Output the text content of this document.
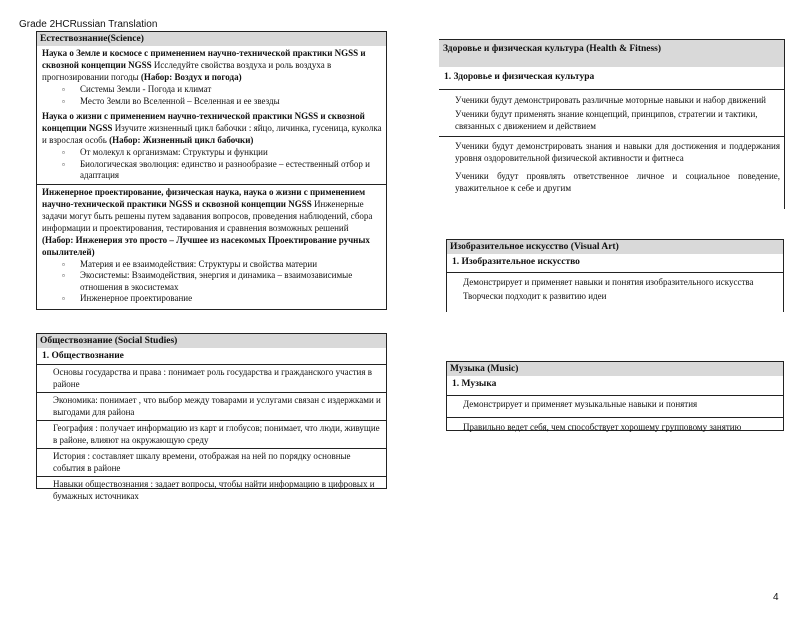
Grade 2HCRussian Translation
Естествознание(Science)
Наука о Земле и космосе с применением научно-технической практики NGSS и сквозной концепции NGSS Исследуйте свойства воздуха и роль воздуха в прогнозировании погоды (Набор: Воздух и погода)
▫ Системы Земли - Погода и климат
▫ Место Земли во Вселенной – Вселенная и ее звезды
Наука о жизни с применением научно-технической практики NGSS и сквозной концепции NGSS Изучите жизненный цикл бабочки : яйцо, личинка, гусеница, куколка и взрослая особь (Набор: Жизненный цикл бабочки)
▫ От молекул к организмам: Структуры и функции
▫ Биологическая эволюция: единство и разнообразие – естественный отбор и адаптация
Инженерное проектирование, физическая наука, наука о жизни с применением научно-технической практики NGSS и сквозной концепции NGSS Инженерные задачи могут быть решены путем задавания вопросов, проведения наблюдений, сбора информации и проектирования, тестирования и сравнения возможных решений (Набор: Инженерия это просто – Лучшее из насекомых Проектирование ручных опылителей)
▫ Материя и ее взаимодействия: Структуры и свойства материи
▫ Экосистемы: Взаимодействия, энергия и динамика – взаимозависимые отношения в экосистемах
▫ Инженерное проектирование
Обществознание (Social Studies)
1. Обществознание
Основы государства и права : понимает роль государства и гражданского участия в районе
Экономика: понимает , что выбор между товарами и услугами связан с издержками и выгодами для района
География : получает информацию из карт и глобусов; понимает, что люди, живущие в районе, влияют на окружающую среду
История : составляет шкалу времени, отображая на ней по порядку основные события в районе
Навыки обществознания : задает вопросы, чтобы найти информацию в цифровых и бумажных источниках
Здоровье и физическая культура (Health & Fitness)
1. Здоровье и физическая культура
Ученики будут демонстрировать различные моторные навыки и набор движений
Ученики будут применять знание концепций, принципов, стратегии и тактики, связанных с движением и действием
Ученики будут демонстрировать знания и навыки для достижения и поддержания уровня оздоровительной физической активности и фитнеса
Ученики будут проявлять ответственное личное и социальное поведение, уважительное к себе и другим
Изобразительное искусство (Visual Art)
1. Изобразительное искусство
Демонстрирует и применяет навыки и понятия изобразительного искусства
Творчески подходит к развитию идеи
Музыка (Music)
1. Музыка
Демонстрирует и применяет музыкальные навыки и понятия
Правильно ведет себя, чем способствует хорошему групповому занятию
4
